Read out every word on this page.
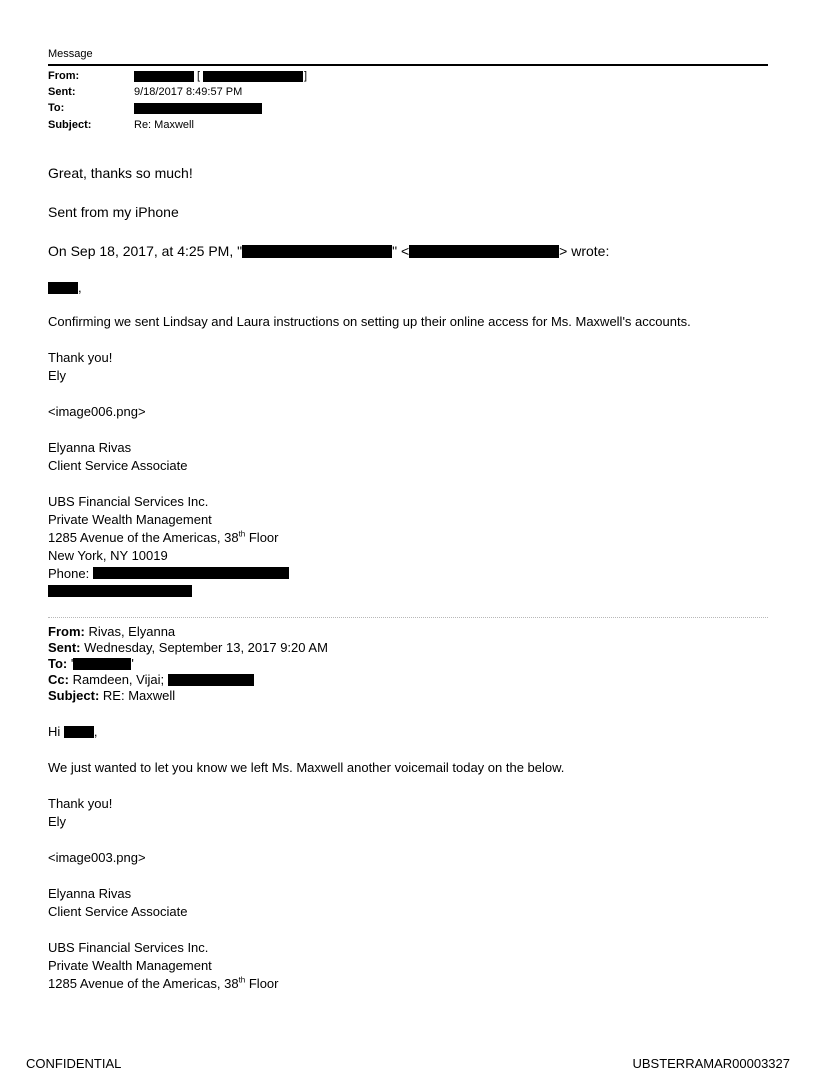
Message
From:	[	]
Sent:	9/18/2017 8:49:57 PM
To:
Subject:	Re: Maxwell
Great, thanks so much!
Sent from my iPhone
On Sep 18, 2017, at 4:25 PM, "	" <	> wrote:
,
Confirming we sent Lindsay and Laura instructions on setting up their online access for Ms. Maxwell's accounts.
Thank you!
Ely
<image006.png>
Elyanna Rivas
Client Service Associate
UBS Financial Services Inc.
Private Wealth Management
1285 Avenue of the Americas, 38th Floor
New York, NY 10019
Phone:
From: Rivas, Elyanna
Sent: Wednesday, September 13, 2017 9:20 AM
To: '	'
Cc: Ramdeen, Vijai;
Subject: RE: Maxwell
Hi	,
We just wanted to let you know we left Ms. Maxwell another voicemail today on the below.
Thank you!
Ely
<image003.png>
Elyanna Rivas
Client Service Associate
UBS Financial Services Inc.
Private Wealth Management
1285 Avenue of the Americas, 38th Floor
CONFIDENTIAL	UBSTERRAMAR00003327
